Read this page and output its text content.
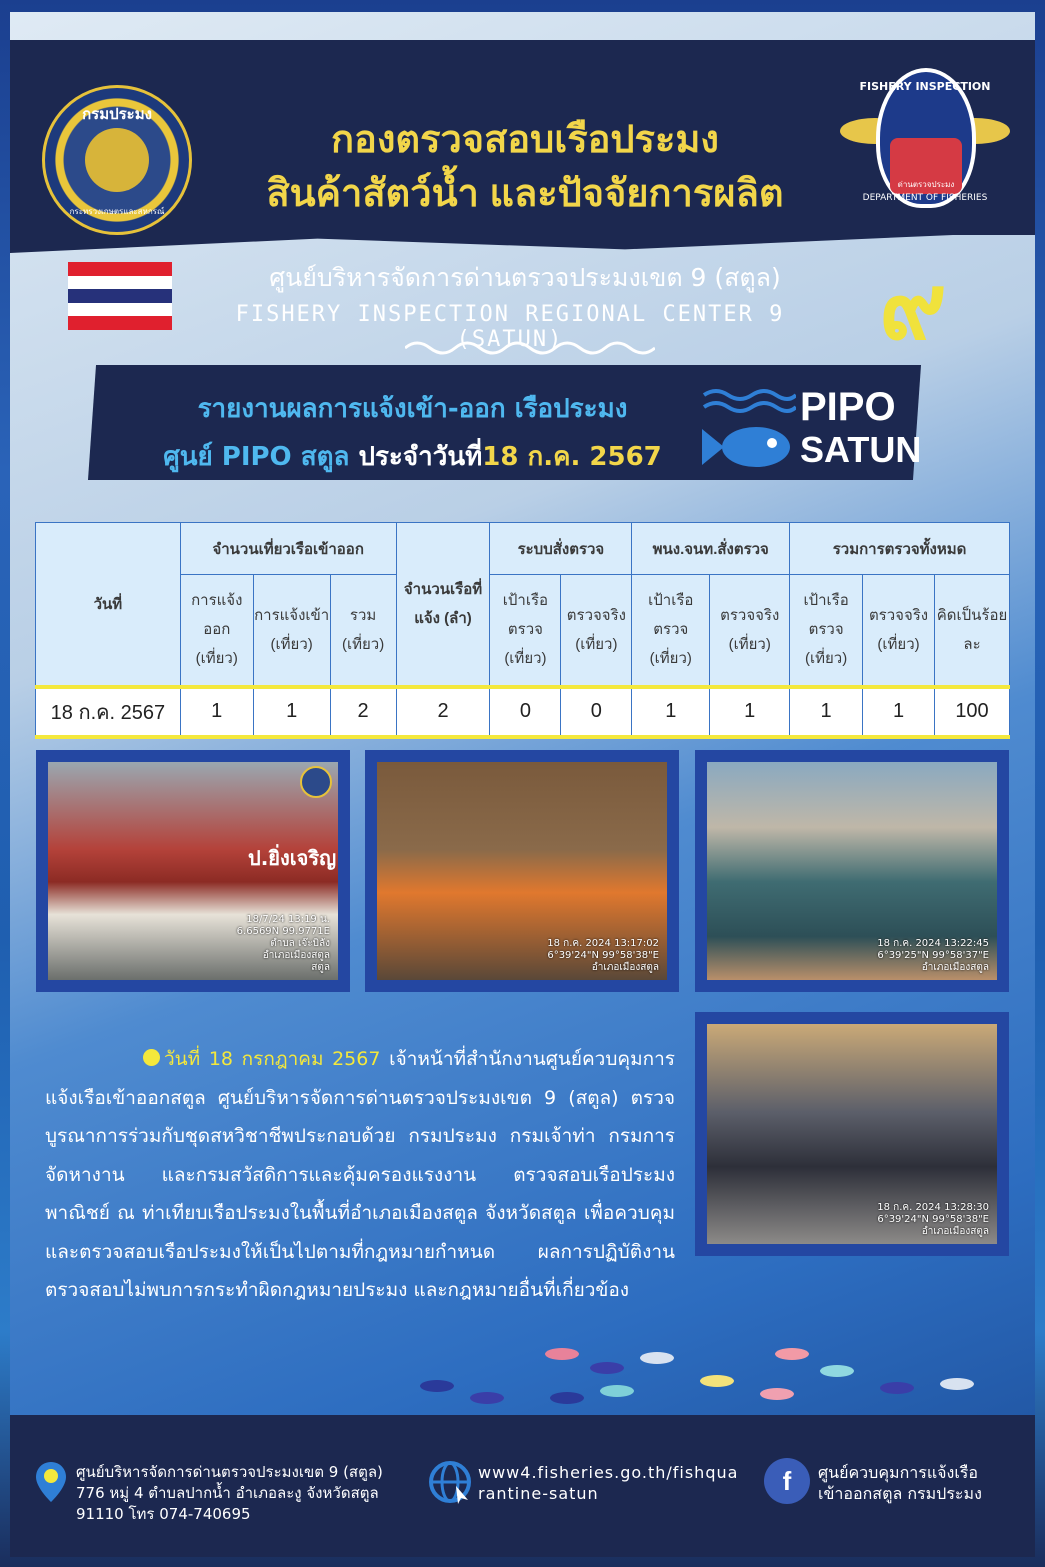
กรมประมง
กระทรวงเกษตรและสหกรณ์
กองตรวจสอบเรือประมง
สินค้าสัตว์น้ำ และปัจจัยการผลิต	ด่านตรวจประมง
FISHERY INSPECTION
DEPARTMENT OF FISHERIES
ศูนย์บริหารจัดการด่านตรวจประมงเขต 9 (สตูล)
FISHERY INSPECTION REGIONAL CENTER 9 (SATUN)	๙
รายงานผลการแจ้งเข้า-ออก เรือประมง
ศูนย์ PIPO สตูล ประจำวันที่18 ก.ค. 2567
PIPO
SATUN
วันที่	จำนวนเที่ยวเรือเข้าออก			จำนวนเรือที่แจ้ง (ลำ)	ระบบสั่งตรวจ		พนง.จนท.สั่งตรวจ		รวมการตรวจทั้งหมด		
	การแจ้งออก (เที่ยว)	การแจ้งเข้า (เที่ยว)	รวม (เที่ยว)		เป้าเรือตรวจ (เที่ยว)	ตรวจจริง (เที่ยว)	เป้าเรือตรวจ (เที่ยว)	ตรวจจริง (เที่ยว)	เป้าเรือตรวจ (เที่ยว)	ตรวจจริง (เที่ยว)	คิดเป็นร้อยละ
18 ก.ค. 2567	1	1	2	2	0	0	1	1	1	1	100
ป.ยิ่งเจริญ
18/7/24 13:19 น.
6.6569N 99.9771E
ตำบล เจ๊ะบิลัง
อำเภอเมืองสตูล
สตูล
18 ก.ค. 2024 13:17:02
6°39'24"N 99°58'38"E
อำเภอเมืองสตูล
18 ก.ค. 2024 13:22:45
6°39'25"N 99°58'37"E
อำเภอเมืองสตูล
18 ก.ค. 2024 13:28:30
6°39'24"N 99°58'38"E
อำเภอเมืองสตูล
วันที่ 18 กรกฎาคม 2567 เจ้าหน้าที่สำนักงานศูนย์ควบคุมการแจ้งเรือเข้าออกสตูล ศูนย์บริหารจัดการด่านตรวจประมงเขต 9 (สตูล) ตรวจบูรณาการร่วมกับชุดสหวิชาชีพประกอบด้วย กรมประมง กรมเจ้าท่า กรมการจัดหางาน และกรมสวัสดิการและคุ้มครองแรงงาน ตรวจสอบเรือประมงพาณิชย์ ณ ท่าเทียบเรือประมงในพื้นที่อำเภอเมืองสตูล จังหวัดสตูล เพื่อควบคุมและตรวจสอบเรือประมงให้เป็นไปตามที่กฎหมายกำหนด ผลการปฏิบัติงานตรวจสอบไม่พบการกระทำผิดกฎหมายประมง และกฎหมายอื่นที่เกี่ยวข้อง
ศูนย์บริหารจัดการด่านตรวจประมงเขต 9 (สตูล)
776 หมู่ 4 ตำบลปากน้ำ อำเภอละงู จังหวัดสตูล
91110 โทร 074-740695
www4.fisheries.go.th/fishqua
rantine-satun	f	ศูนย์ควบคุมการแจ้งเรือ
เข้าออกสตูล กรมประมง
